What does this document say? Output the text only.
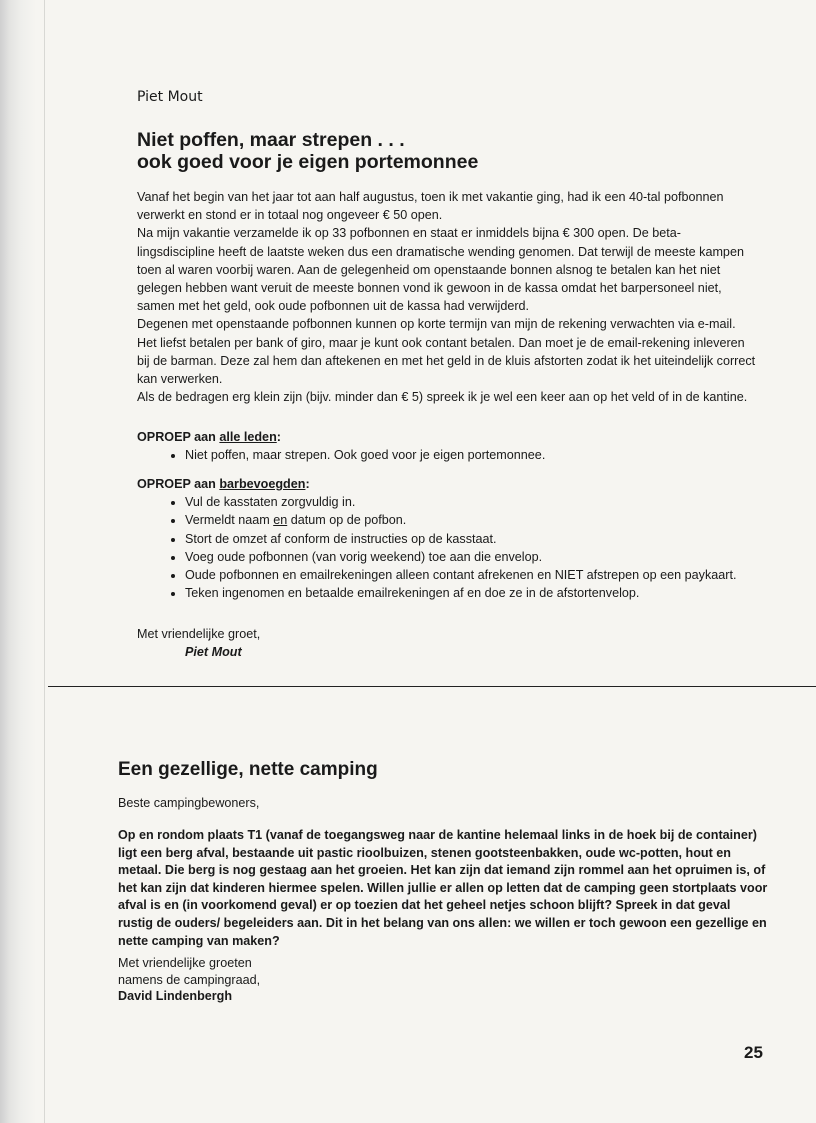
Piet Mout
Niet poffen, maar strepen . . .
ook goed voor je eigen portemonnee

Vanaf het begin van het jaar tot aan half augustus, toen ik met vakantie ging, had ik een 40-tal pofbonnen verwerkt en stond er in totaal nog ongeveer € 50 open.

Na mijn vakantie verzamelde ik op 33 pofbonnen en staat er inmiddels bijna € 300 open. De beta-lingsdiscipline heeft de laatste weken dus een dramatische wending genomen. Dat terwijl de meeste kampen toen al waren voorbij waren. Aan de gelegenheid om openstaande bonnen alsnog te betalen kan het niet gelegen hebben want veruit de meeste bonnen vond ik gewoon in de kassa omdat het barpersoneel niet, samen met het geld, ook oude pofbonnen uit de kassa had verwijderd.

Degenen met openstaande pofbonnen kunnen op korte termijn van mijn de rekening verwachten via e-mail.

Het liefst betalen per bank of giro, maar je kunt ook contant betalen. Dan moet je de email-rekening inleveren bij de barman. Deze zal hem dan aftekenen en met het geld in de kluis afstorten zodat ik het uiteindelijk correct kan verwerken.

Als de bedragen erg klein zijn (bijv. minder dan € 5) spreek ik je wel een keer aan op het veld of in de kantine.

OPROEP aan alle leden:
• Niet poffen, maar strepen. Ook goed voor je eigen portemonnee.
OPROEP aan barbevoegden:
• Vul de kasstaten zorgvuldig in.
• Vermeldt naam en datum op de pofbon.
• Stort de omzet af conform de instructies op de kasstaat.
• Voeg oude pofbonnen (van vorig weekend) toe aan die envelop.
• Oude pofbonnen en emailrekeningen alleen contant afrekenen en NIET afstrepen op een paykaart.
• Teken ingenomen en betaalde emailrekeningen af en doe ze in de afstortenvelop.
Met vriendelijke groet,
Piet Mout
Een gezellige, nette camping
Beste campingbewoners,
Op en rondom plaats T1 (vanaf de toegangsweg naar de kantine helemaal links in de hoek bij de container) ligt een berg afval, bestaande uit pastic rioolbuizen, stenen gootsteenbakken, oude wc-potten, hout en metaal. Die berg is nog gestaag aan het groeien. Het kan zijn dat iemand zijn rommel aan het opruimen is, of het kan zijn dat kinderen hiermee spelen. Willen jullie er allen op letten dat de camping geen stortplaats voor afval is en (in voorkomend geval) er op toezien dat het geheel netjes schoon blijft? Spreek in dat geval rustig de ouders/ begeleiders aan. Dit in het belang van ons allen: we willen er toch gewoon een gezellige en nette camping van maken?
Met vriendelijke groeten
namens de campingraad,
David Lindenbergh
25
